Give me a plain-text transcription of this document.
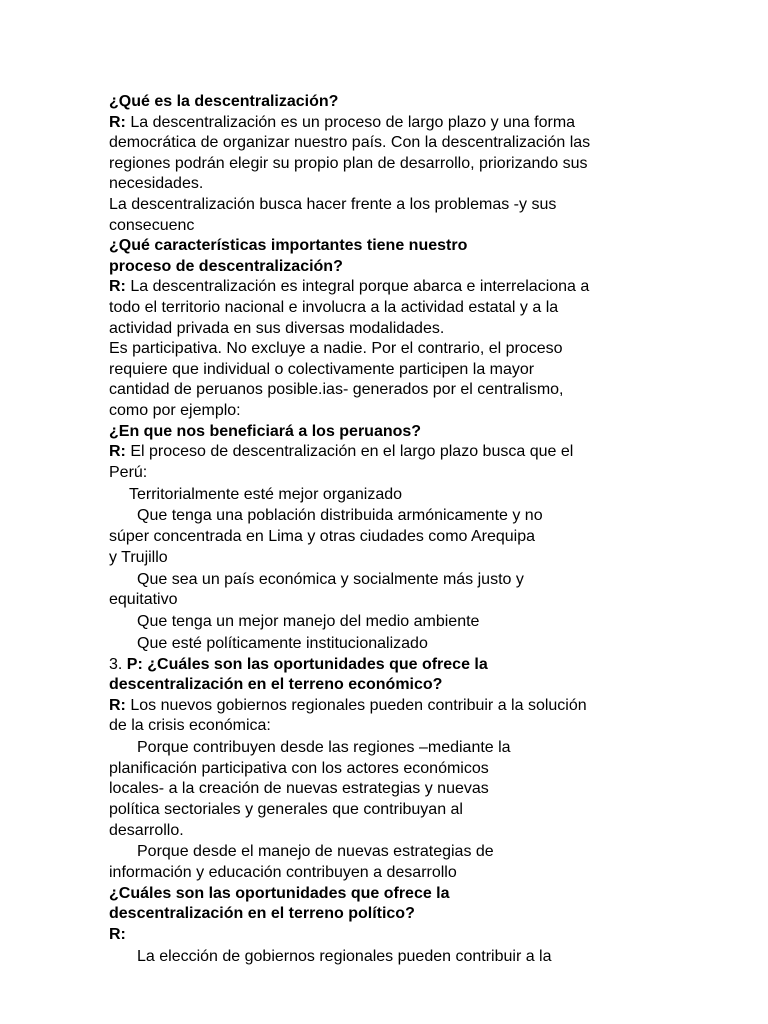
¿Qué es la descentralización?
R: La descentralización es un proceso de largo plazo y una forma
democrática de organizar nuestro país. Con la descentralización las
regiones podrán elegir su propio plan de desarrollo, priorizando sus
necesidades.
La descentralización busca hacer frente a los problemas -y sus
consecuenc
¿Qué características importantes tiene nuestro
proceso de descentralización?
R: La descentralización es integral porque abarca e interrelaciona a
todo el territorio nacional e involucra a la actividad estatal y a la
actividad privada en sus diversas modalidades.
Es participativa. No excluye a nadie. Por el contrario, el proceso
requiere que individual o colectivamente participen la mayor
cantidad de peruanos posible.ias- generados por el centralismo,
como por ejemplo:
¿En que nos beneficiará a los peruanos?
R: El proceso de descentralización en el largo plazo busca que el
Perú:
Territorialmente esté mejor organizado
Que tenga una población distribuida armónicamente y no
súper concentrada en Lima y otras ciudades como Arequipa
y Trujillo
Que sea un país económica y socialmente más justo y
equitativo
Que tenga un mejor manejo del medio ambiente
Que esté políticamente institucionalizado
3. P: ¿Cuáles son las oportunidades que ofrece la
descentralización en el terreno económico?
R: Los nuevos gobiernos regionales pueden contribuir a la solución
de la crisis económica:
Porque contribuyen desde las regiones –mediante la
planificación participativa con los actores económicos
locales- a la creación de nuevas estrategias y nuevas
política sectoriales y generales que contribuyan al
desarrollo.
Porque desde el manejo de nuevas estrategias de
información y educación contribuyen a desarrollo
¿Cuáles son las oportunidades que ofrece la
descentralización en el terreno político?
R:
La elección de gobiernos regionales pueden contribuir a la
